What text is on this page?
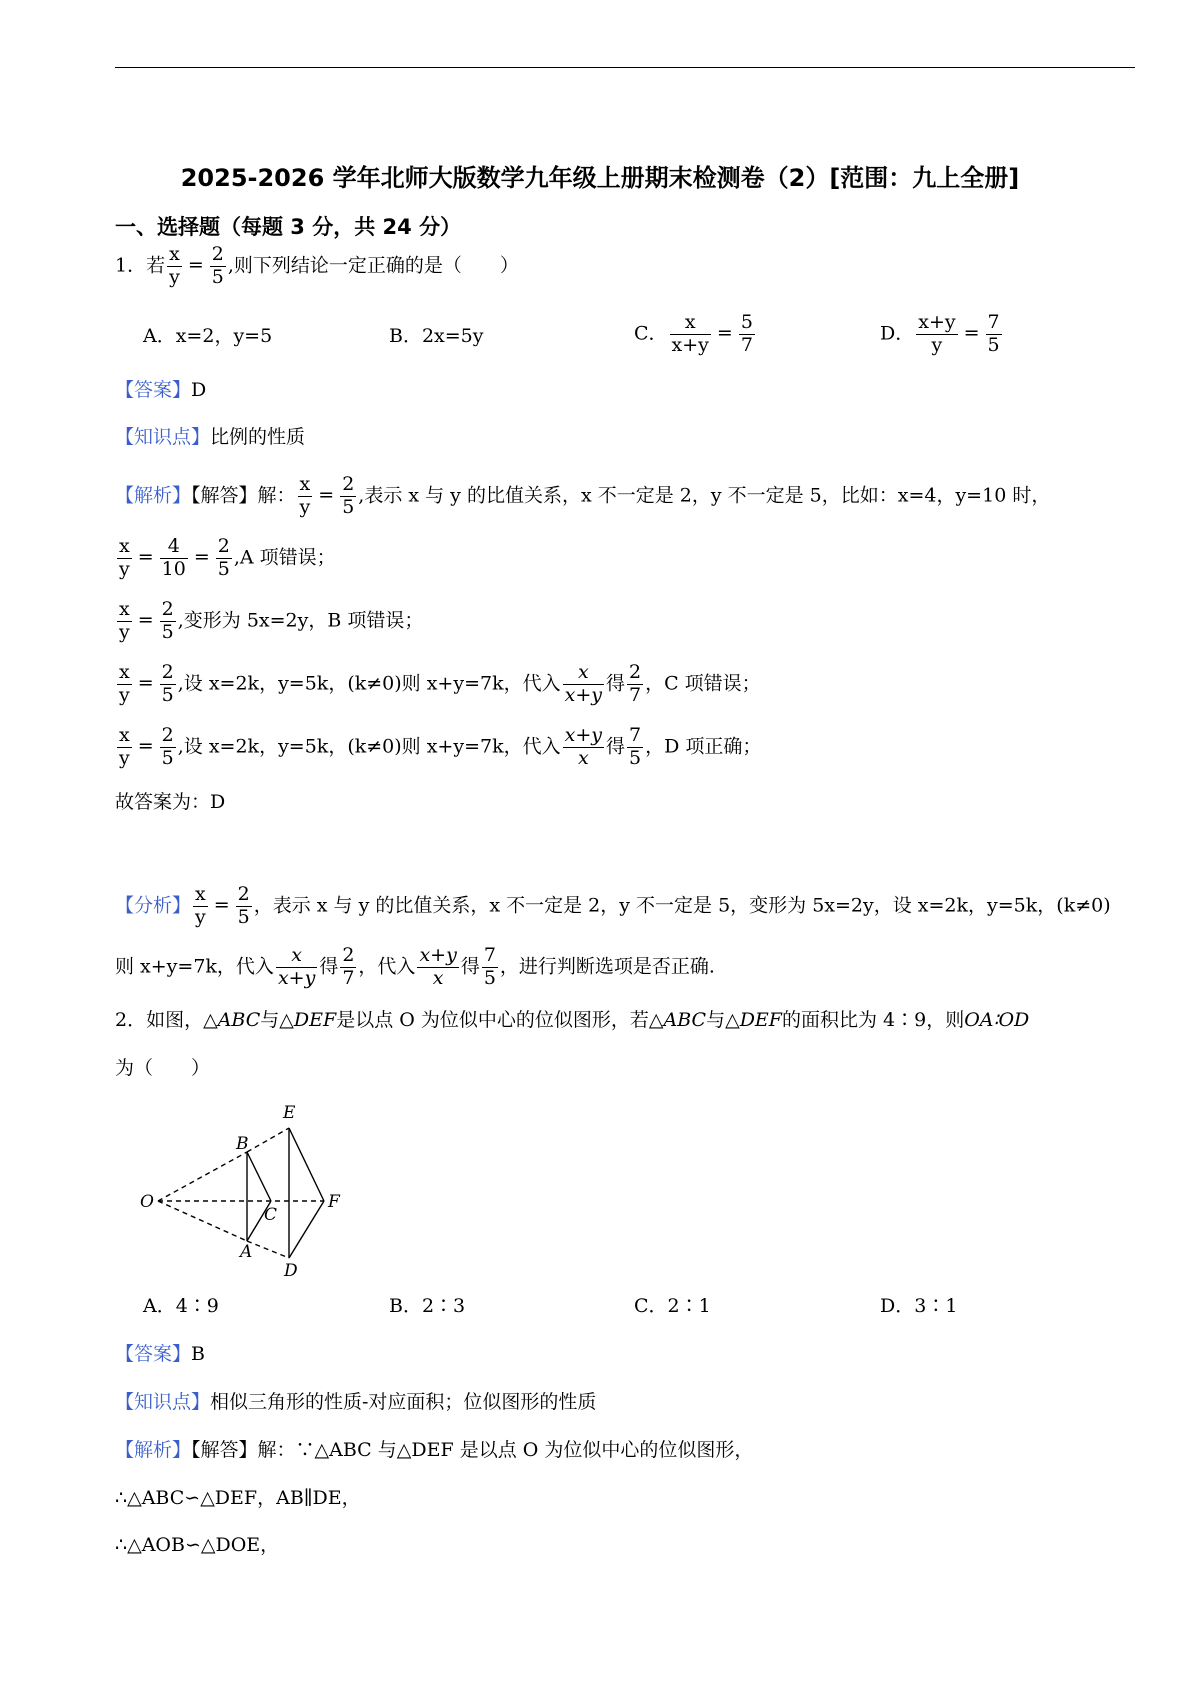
2025-2026 学年北师大版数学九年级上册期末检测卷（2）[范围：九上全册]
一、选择题（每题 3 分，共 24 分）
1．若 $\frac{x}{y} = \frac{2}{5}$ ,则下列结论一定正确的是（　　）
A．x=2，y=5	B．2x=5y	C． $\frac{x}{x+y} = \frac{5}{7}$	D． $\frac{x+y}{y} = \frac{7}{5}$
【答案】D
【知识点】比例的性质
【解析】【解答】解： $\frac{x}{y} = \frac{2}{5}$ ,表示 x 与 y 的比值关系，x 不一定是 2，y 不一定是 5，比如：x=4，y=10 时，
$\frac{x}{y} = \frac{4}{10} = \frac{2}{5} ,A$ 项错误；
$\frac{x}{y} = \frac{2}{5}$ ,变形为 5x=2y，B 项错误；
$\frac{x}{y} = \frac{2}{5}$ ,设 x=2k，y=5k，(k≠0)则 x+y=7k，代入 $\frac{x}{x+y}$ 得 $\frac{2}{7}$ ，C 项错误；
$\frac{x}{y} = \frac{2}{5}$ ,设 x=2k，y=5k，(k≠0)则 x+y=7k，代入 $\frac{x+y}{x}$ 得 $\frac{7}{5}$ ，D 项正确；
故答案为：D
【分析】 $\frac{x}{y} = \frac{2}{5}$ ，表示 x 与 y 的比值关系，x 不一定是 2，y 不一定是 5，变形为 5x=2y，设 x=2k，y=5k，(k≠0)
则 x+y=7k，代入 $\frac{x}{x+y}$ 得 $\frac{2}{7}$ ，代入 $\frac{x+y}{x}$ 得 $\frac{7}{5}$ ，进行判断选项是否正确.
2．如图，△ABC与△DEF是以点 O 为位似中心的位似图形，若△ABC与△DEF的面积比为 4∶9，则OA∶OD
为（　　）
O
B
E
C
F
A
D
A．4∶9	B．2∶3	C．2∶1	D．3∶1
【答案】B
【知识点】相似三角形的性质-对应面积；位似图形的性质
【解析】【解答】解：∵△ABC 与△DEF 是以点 O 为位似中心的位似图形，
∴△ABC∽△DEF，AB∥DE，
∴△AOB∽△DOE，
